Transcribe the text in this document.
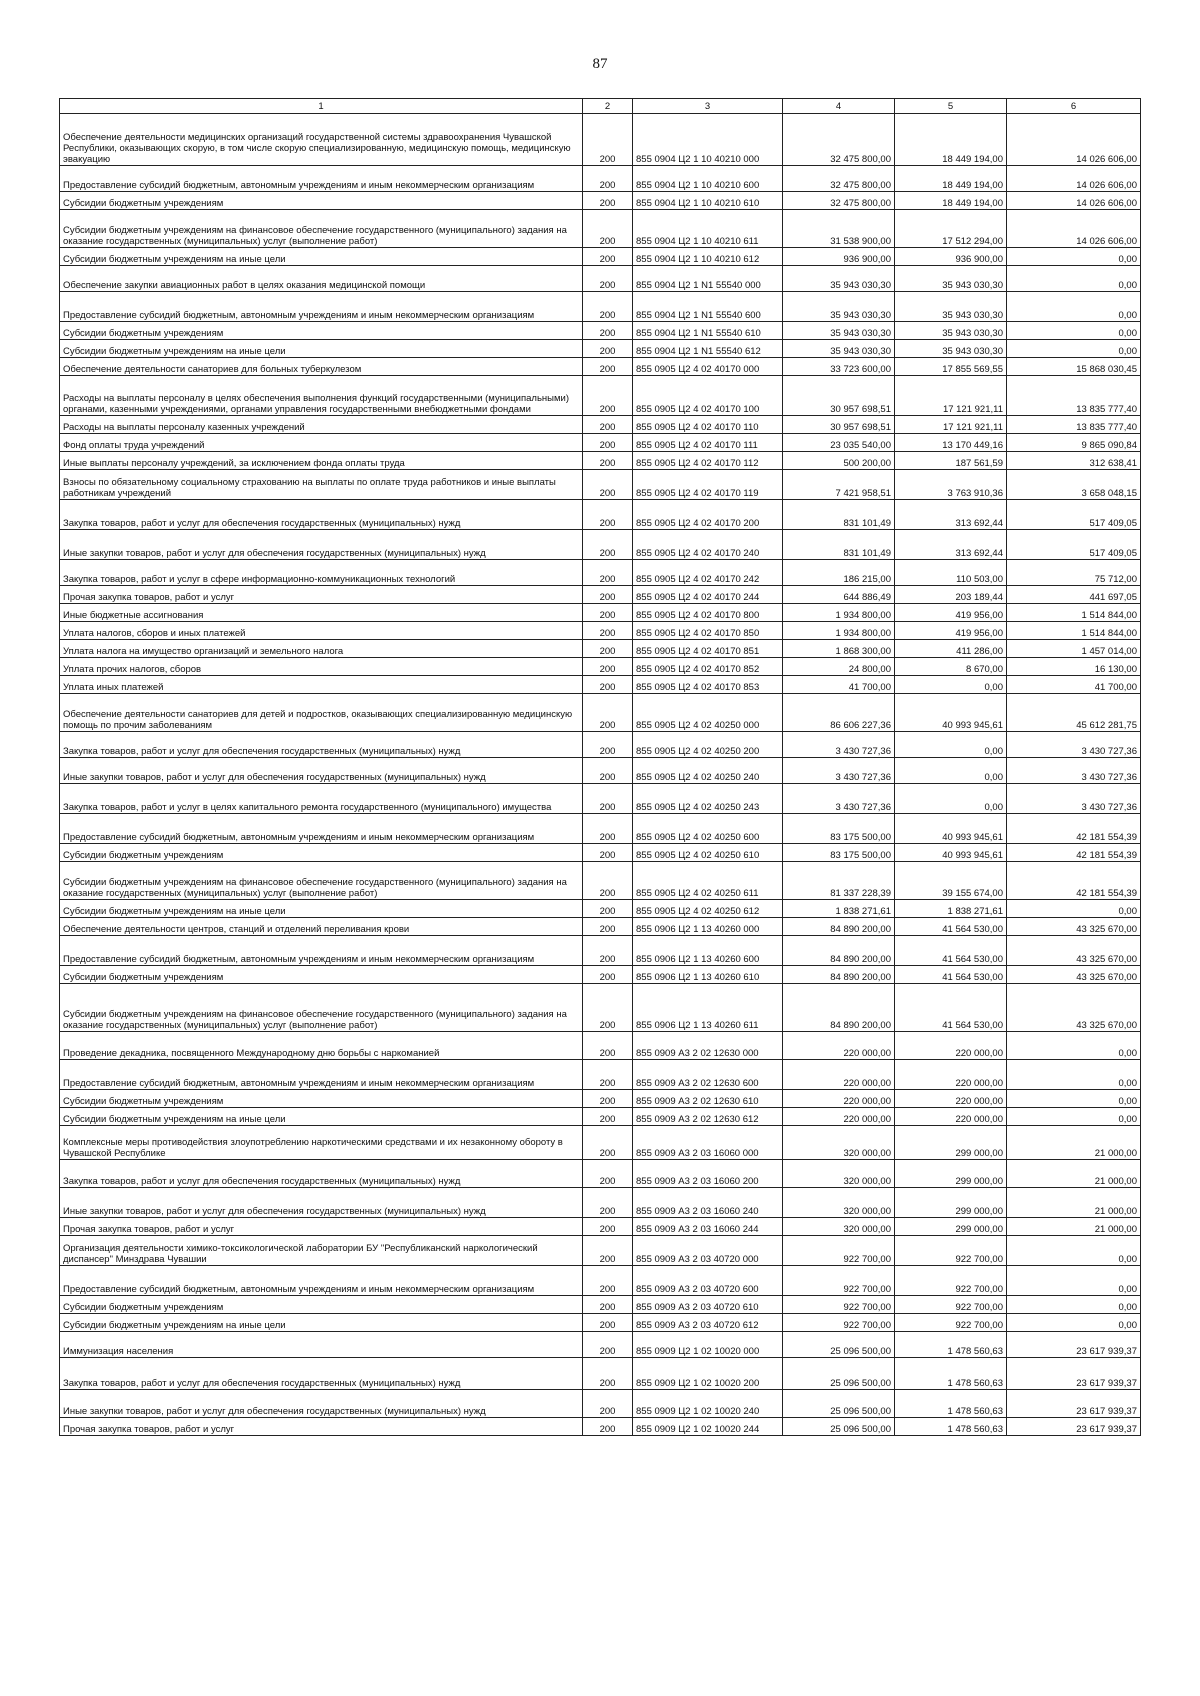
87
1	2	3	4	5	6
Обеспечение деятельности медицинских организаций государственной системы здравоохранения Чувашской Республики, оказывающих скорую, в том числе скорую специализированную, медицинскую помощь, медицинскую эвакуацию	200	855 0904 Ц2 1 10 40210 000	32 475 800,00	18 449 194,00	14 026 606,00
Предоставление субсидий бюджетным, автономным учреждениям и иным некоммерческим организациям	200	855 0904 Ц2 1 10 40210 600	32 475 800,00	18 449 194,00	14 026 606,00
Субсидии бюджетным учреждениям	200	855 0904 Ц2 1 10 40210 610	32 475 800,00	18 449 194,00	14 026 606,00
Субсидии бюджетным учреждениям на финансовое обеспечение государственного (муниципального) задания на оказание государственных (муниципальных) услуг (выполнение работ)	200	855 0904 Ц2 1 10 40210 611	31 538 900,00	17 512 294,00	14 026 606,00
Субсидии бюджетным учреждениям на иные цели	200	855 0904 Ц2 1 10 40210 612	936 900,00	936 900,00	0,00
Обеспечение закупки авиационных работ в целях оказания медицинской помощи	200	855 0904 Ц2 1 N1 55540 000	35 943 030,30	35 943 030,30	0,00
Предоставление субсидий бюджетным, автономным учреждениям и иным некоммерческим организациям	200	855 0904 Ц2 1 N1 55540 600	35 943 030,30	35 943 030,30	0,00
Субсидии бюджетным учреждениям	200	855 0904 Ц2 1 N1 55540 610	35 943 030,30	35 943 030,30	0,00
Субсидии бюджетным учреждениям на иные цели	200	855 0904 Ц2 1 N1 55540 612	35 943 030,30	35 943 030,30	0,00
Обеспечение деятельности санаториев для больных туберкулезом	200	855 0905 Ц2 4 02 40170 000	33 723 600,00	17 855 569,55	15 868 030,45
Расходы на выплаты персоналу в целях обеспечения выполнения функций государственными (муниципальными) органами, казенными учреждениями, органами управления государственными внебюджетными фондами	200	855 0905 Ц2 4 02 40170 100	30 957 698,51	17 121 921,11	13 835 777,40
Расходы на выплаты персоналу казенных учреждений	200	855 0905 Ц2 4 02 40170 110	30 957 698,51	17 121 921,11	13 835 777,40
Фонд оплаты труда учреждений	200	855 0905 Ц2 4 02 40170 111	23 035 540,00	13 170 449,16	9 865 090,84
Иные выплаты персоналу учреждений, за исключением фонда оплаты труда	200	855 0905 Ц2 4 02 40170 112	500 200,00	187 561,59	312 638,41
Взносы по обязательному социальному страхованию на выплаты по оплате труда работников и иные выплаты работникам учреждений	200	855 0905 Ц2 4 02 40170 119	7 421 958,51	3 763 910,36	3 658 048,15
Закупка товаров, работ и услуг для обеспечения государственных (муниципальных) нужд	200	855 0905 Ц2 4 02 40170 200	831 101,49	313 692,44	517 409,05
Иные закупки товаров, работ и услуг для обеспечения государственных (муниципальных) нужд	200	855 0905 Ц2 4 02 40170 240	831 101,49	313 692,44	517 409,05
Закупка товаров, работ и услуг в сфере информационно-коммуникационных технологий	200	855 0905 Ц2 4 02 40170 242	186 215,00	110 503,00	75 712,00
Прочая закупка товаров, работ и услуг	200	855 0905 Ц2 4 02 40170 244	644 886,49	203 189,44	441 697,05
Иные бюджетные ассигнования	200	855 0905 Ц2 4 02 40170 800	1 934 800,00	419 956,00	1 514 844,00
Уплата налогов, сборов и иных платежей	200	855 0905 Ц2 4 02 40170 850	1 934 800,00	419 956,00	1 514 844,00
Уплата налога на имущество организаций и земельного налога	200	855 0905 Ц2 4 02 40170 851	1 868 300,00	411 286,00	1 457 014,00
Уплата прочих налогов, сборов	200	855 0905 Ц2 4 02 40170 852	24 800,00	8 670,00	16 130,00
Уплата иных платежей	200	855 0905 Ц2 4 02 40170 853	41 700,00	0,00	41 700,00
Обеспечение деятельности санаториев для детей и подростков, оказывающих специализированную медицинскую помощь по прочим заболеваниям	200	855 0905 Ц2 4 02 40250 000	86 606 227,36	40 993 945,61	45 612 281,75
Закупка товаров, работ и услуг для обеспечения государственных (муниципальных) нужд	200	855 0905 Ц2 4 02 40250 200	3 430 727,36	0,00	3 430 727,36
Иные закупки товаров, работ и услуг для обеспечения государственных (муниципальных) нужд	200	855 0905 Ц2 4 02 40250 240	3 430 727,36	0,00	3 430 727,36
Закупка товаров, работ и услуг в целях капитального ремонта государственного (муниципального) имущества	200	855 0905 Ц2 4 02 40250 243	3 430 727,36	0,00	3 430 727,36
Предоставление субсидий бюджетным, автономным учреждениям и иным некоммерческим организациям	200	855 0905 Ц2 4 02 40250 600	83 175 500,00	40 993 945,61	42 181 554,39
Субсидии бюджетным учреждениям	200	855 0905 Ц2 4 02 40250 610	83 175 500,00	40 993 945,61	42 181 554,39
Субсидии бюджетным учреждениям на финансовое обеспечение государственного (муниципального) задания на оказание государственных (муниципальных) услуг (выполнение работ)	200	855 0905 Ц2 4 02 40250 611	81 337 228,39	39 155 674,00	42 181 554,39
Субсидии бюджетным учреждениям на иные цели	200	855 0905 Ц2 4 02 40250 612	1 838 271,61	1 838 271,61	0,00
Обеспечение деятельности центров, станций и отделений переливания крови	200	855 0906 Ц2 1 13 40260 000	84 890 200,00	41 564 530,00	43 325 670,00
Предоставление субсидий бюджетным, автономным учреждениям и иным некоммерческим организациям	200	855 0906 Ц2 1 13 40260 600	84 890 200,00	41 564 530,00	43 325 670,00
Субсидии бюджетным учреждениям	200	855 0906 Ц2 1 13 40260 610	84 890 200,00	41 564 530,00	43 325 670,00
Субсидии бюджетным учреждениям на финансовое обеспечение государственного (муниципального) задания на оказание государственных (муниципальных) услуг (выполнение работ)	200	855 0906 Ц2 1 13 40260 611	84 890 200,00	41 564 530,00	43 325 670,00
Проведение декадника, посвященного Международному дню борьбы с наркоманией	200	855 0909 А3 2 02 12630 000	220 000,00	220 000,00	0,00
Предоставление субсидий бюджетным, автономным учреждениям и иным некоммерческим организациям	200	855 0909 А3 2 02 12630 600	220 000,00	220 000,00	0,00
Субсидии бюджетным учреждениям	200	855 0909 А3 2 02 12630 610	220 000,00	220 000,00	0,00
Субсидии бюджетным учреждениям на иные цели	200	855 0909 А3 2 02 12630 612	220 000,00	220 000,00	0,00
Комплексные меры противодействия злоупотреблению наркотическими средствами и их незаконному обороту в Чувашской Республике	200	855 0909 А3 2 03 16060 000	320 000,00	299 000,00	21 000,00
Закупка товаров, работ и услуг для обеспечения государственных (муниципальных) нужд	200	855 0909 А3 2 03 16060 200	320 000,00	299 000,00	21 000,00
Иные закупки товаров, работ и услуг для обеспечения государственных (муниципальных) нужд	200	855 0909 А3 2 03 16060 240	320 000,00	299 000,00	21 000,00
Прочая закупка товаров, работ и услуг	200	855 0909 А3 2 03 16060 244	320 000,00	299 000,00	21 000,00
Организация деятельности химико-токсикологической лаборатории БУ "Республиканский наркологический диспансер" Минздрава Чувашии	200	855 0909 А3 2 03 40720 000	922 700,00	922 700,00	0,00
Предоставление субсидий бюджетным, автономным учреждениям и иным некоммерческим организациям	200	855 0909 А3 2 03 40720 600	922 700,00	922 700,00	0,00
Субсидии бюджетным учреждениям	200	855 0909 А3 2 03 40720 610	922 700,00	922 700,00	0,00
Субсидии бюджетным учреждениям на иные цели	200	855 0909 А3 2 03 40720 612	922 700,00	922 700,00	0,00
Иммунизация населения	200	855 0909 Ц2 1 02 10020 000	25 096 500,00	1 478 560,63	23 617 939,37
Закупка товаров, работ и услуг для обеспечения государственных (муниципальных) нужд	200	855 0909 Ц2 1 02 10020 200	25 096 500,00	1 478 560,63	23 617 939,37
Иные закупки товаров, работ и услуг для обеспечения государственных (муниципальных) нужд	200	855 0909 Ц2 1 02 10020 240	25 096 500,00	1 478 560,63	23 617 939,37
Прочая закупка товаров, работ и услуг	200	855 0909 Ц2 1 02 10020 244	25 096 500,00	1 478 560,63	23 617 939,37
